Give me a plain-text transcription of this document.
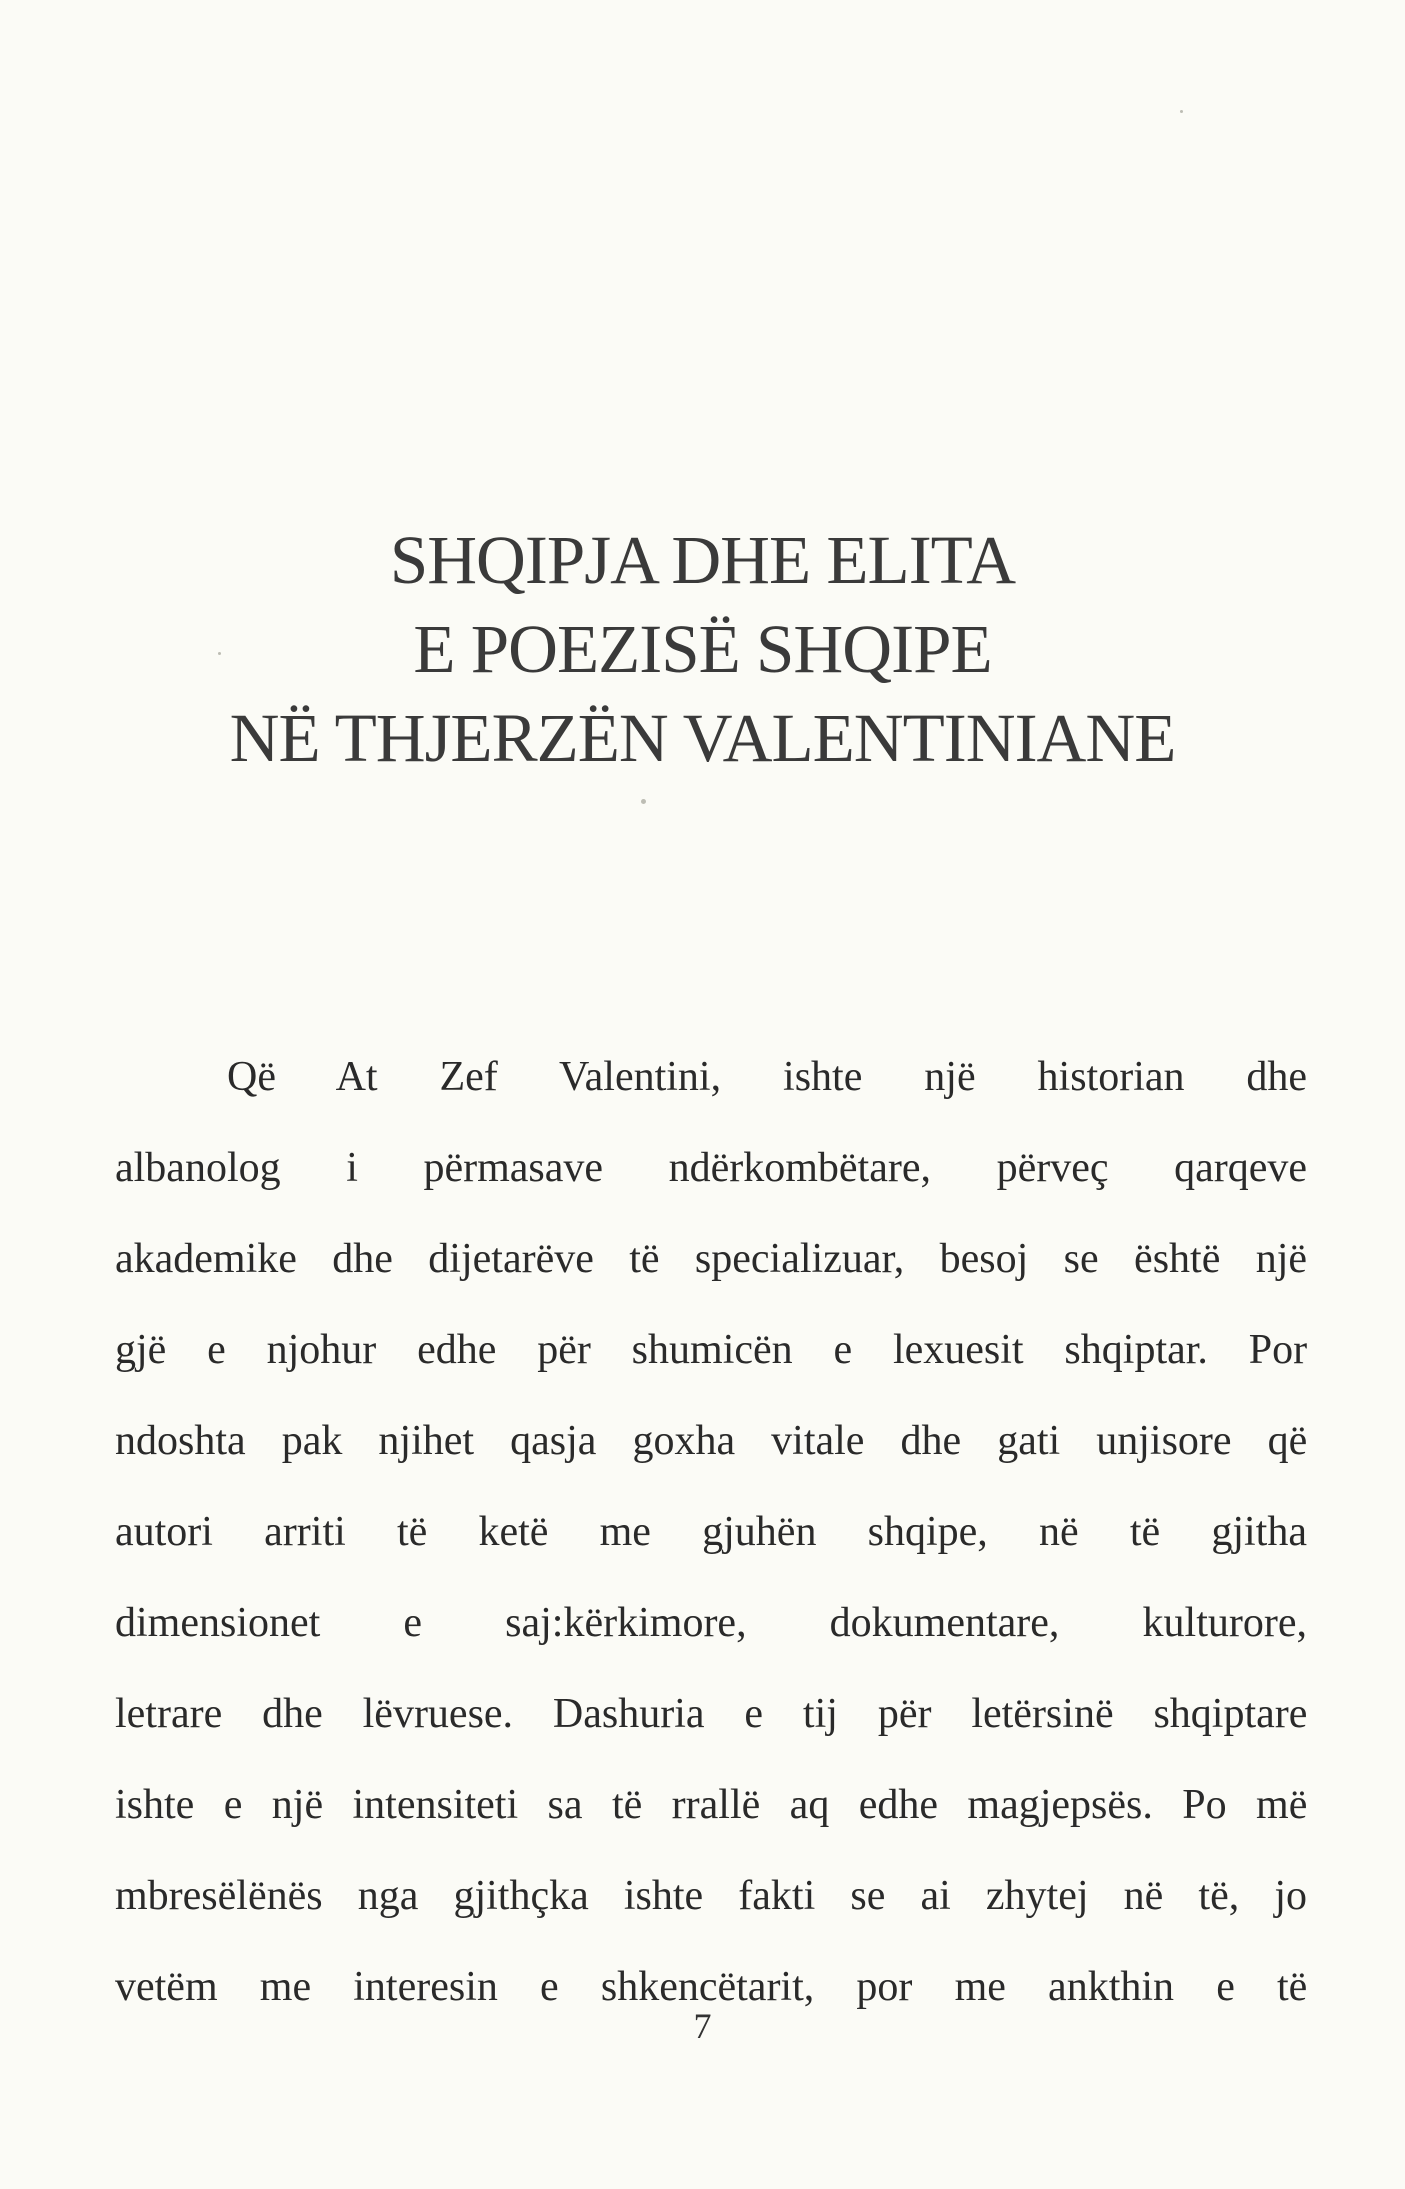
SHQIPJA DHE ELITA
E POEZISË SHQIPE
NË THJERZËN VALENTINIANE
Që At Zef Valentini, ishte një historian dhe
albanolog i përmasave ndërkombëtare, përveç qarqeve
akademike dhe dijetarëve të specializuar, besoj se është një
gjë e njohur edhe për shumicën e lexuesit shqiptar. Por
ndoshta pak njihet qasja goxha vitale dhe gati unjisore që
autori arriti të ketë me gjuhën shqipe, në të gjitha
dimensionet e saj:kërkimore, dokumentare, kulturore,
letrare dhe lëvruese. Dashuria e tij për letërsinë shqiptare
ishte e një intensiteti sa të rrallë aq edhe magjepsës. Po më
mbresëlënës nga gjithçka ishte fakti se ai zhytej në të, jo
vetëm me interesin e shkencëtarit, por me ankthin e të
7
